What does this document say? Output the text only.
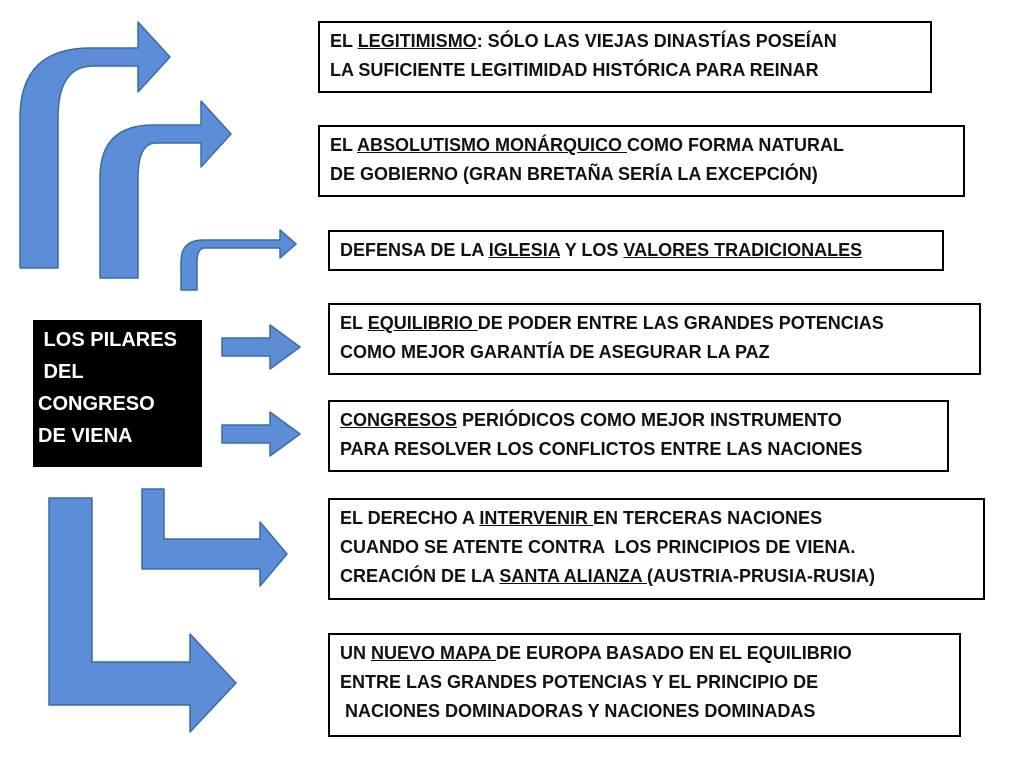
LOS PILARES
DEL
CONGRESO
DE VIENA
EL LEGITIMISMO: SÓLO LAS VIEJAS DINASTÍAS POSEÍAN
LA SUFICIENTE LEGITIMIDAD HISTÓRICA PARA REINAR
EL ABSOLUTISMO MONÁRQUICO COMO FORMA NATURAL
DE GOBIERNO (GRAN BRETAÑA SERÍA LA EXCEPCIÓN)
DEFENSA DE LA IGLESIA Y LOS VALORES TRADICIONALES
EL EQUILIBRIO DE PODER ENTRE LAS GRANDES POTENCIAS
COMO MEJOR GARANTÍA DE ASEGURAR LA PAZ
CONGRESOS PERIÓDICOS COMO MEJOR INSTRUMENTO
PARA RESOLVER LOS CONFLICTOS ENTRE LAS NACIONES
EL DERECHO A INTERVENIR EN TERCERAS NACIONES
CUANDO SE ATENTE CONTRA  LOS PRINCIPIOS DE VIENA.
CREACIÓN DE LA SANTA ALIANZA (AUSTRIA-PRUSIA-RUSIA)
UN NUEVO MAPA DE EUROPA BASADO EN EL EQUILIBRIO
ENTRE LAS GRANDES POTENCIAS Y EL PRINCIPIO DE
NACIONES DOMINADORAS Y NACIONES DOMINADAS
